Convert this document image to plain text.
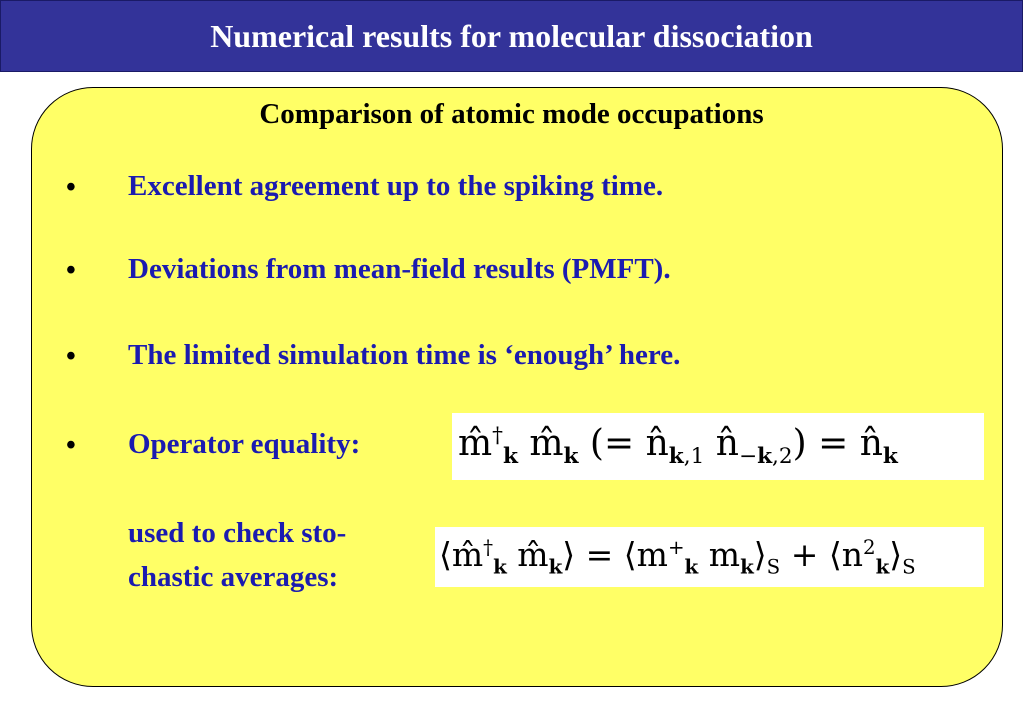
Numerical results for molecular dissociation
Comparison of atomic mode occupations
• Excellent agreement up to the spiking time.
• Deviations from mean-field results (PMFT).
• The limited simulation time is ‘enough’ here.
• Operator equality:
used to check sto-
chastic averages:
$m̂^\dagger_k$ $m̂_k$ (= $n̂_{k,1}$ $n̂_{-k,2}$) = $n̂_k$
$⟨m̂^\dagger_k$ $m̂_k⟩$ = $⟨m^+_k$ $m_k⟩_S$ + $⟨n^2_k⟩_S$
